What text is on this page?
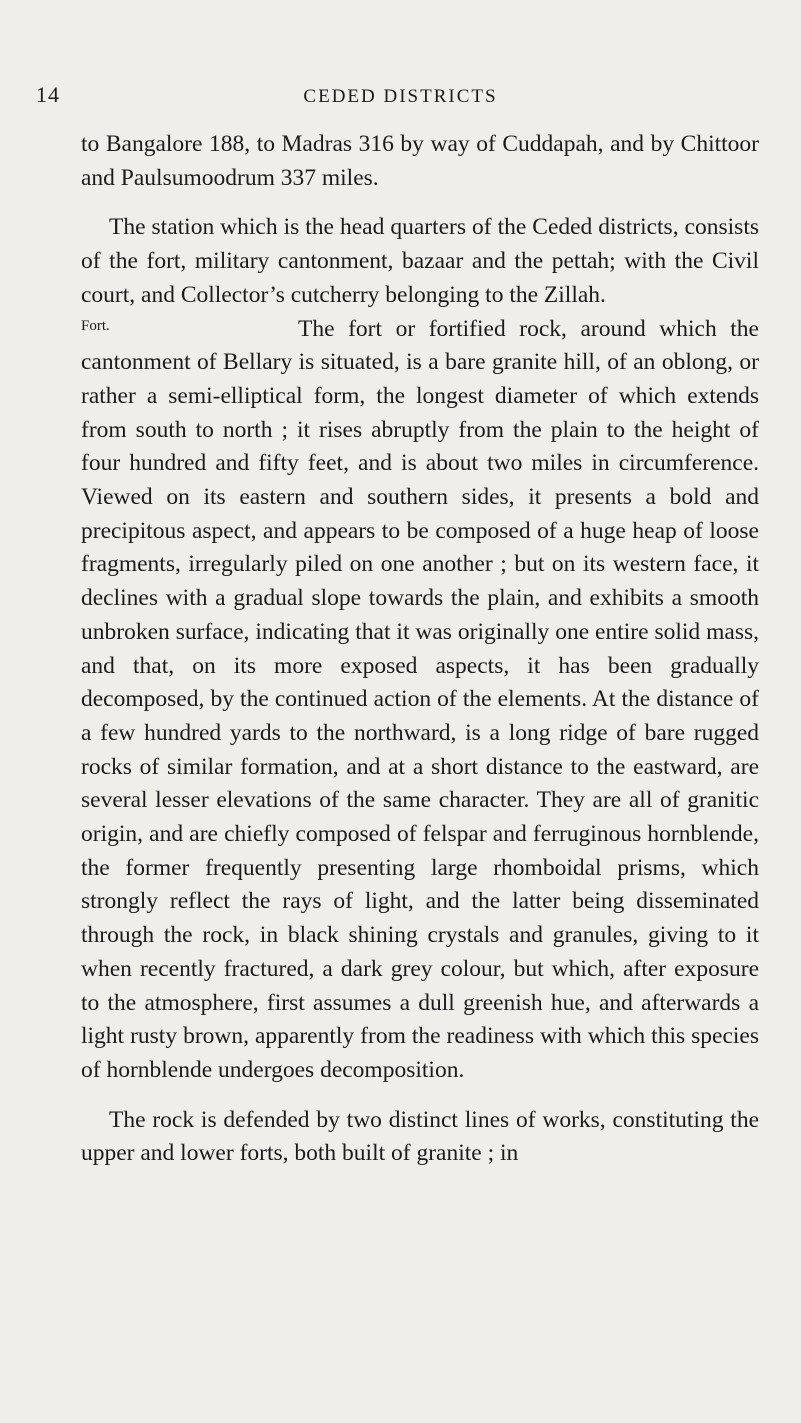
14	CEDED DISTRICTS

to Bangalore 188, to Madras 316 by way of Cuddapah, and by Chittoor and Paulsumoodrum 337 miles.

The station which is the head quarters of the Ceded districts, consists of the fort, military cantonment, bazaar and the pettah; with the Civil court, and Collector’s cutcherry belonging to the Zillah.

Fort.	The fort or fortified rock, around which the cantonment of Bellary is situated, is a bare granite hill, of an oblong, or rather a semi-elliptical form, the longest diameter of which extends from south to north ; it rises abruptly from the plain to the height of four hundred and fifty feet, and is about two miles in circumference. Viewed on its eastern and southern sides, it presents a bold and precipitous aspect, and appears to be composed of a huge heap of loose fragments, irregularly piled on one another ; but on its western face, it declines with a gradual slope towards the plain, and exhibits a smooth unbroken surface, indicating that it was originally one entire solid mass, and that, on its more exposed aspects, it has been gradually decomposed, by the continued action of the elements. At the distance of a few hundred yards to the northward, is a long ridge of bare rugged rocks of similar formation, and at a short distance to the eastward, are several lesser elevations of the same character. They are all of granitic origin, and are chiefly composed of felspar and ferruginous hornblende, the former frequently presenting large rhomboidal prisms, which strongly reflect the rays of light, and the latter being disseminated through the rock, in black shining crystals and granules, giving to it when recently fractured, a dark grey colour, but which, after exposure to the atmosphere, first assumes a dull greenish hue, and afterwards a light rusty brown, apparently from the readiness with which this species of hornblende undergoes decomposition.

The rock is defended by two distinct lines of works, constituting the upper and lower forts, both built of granite ; in
